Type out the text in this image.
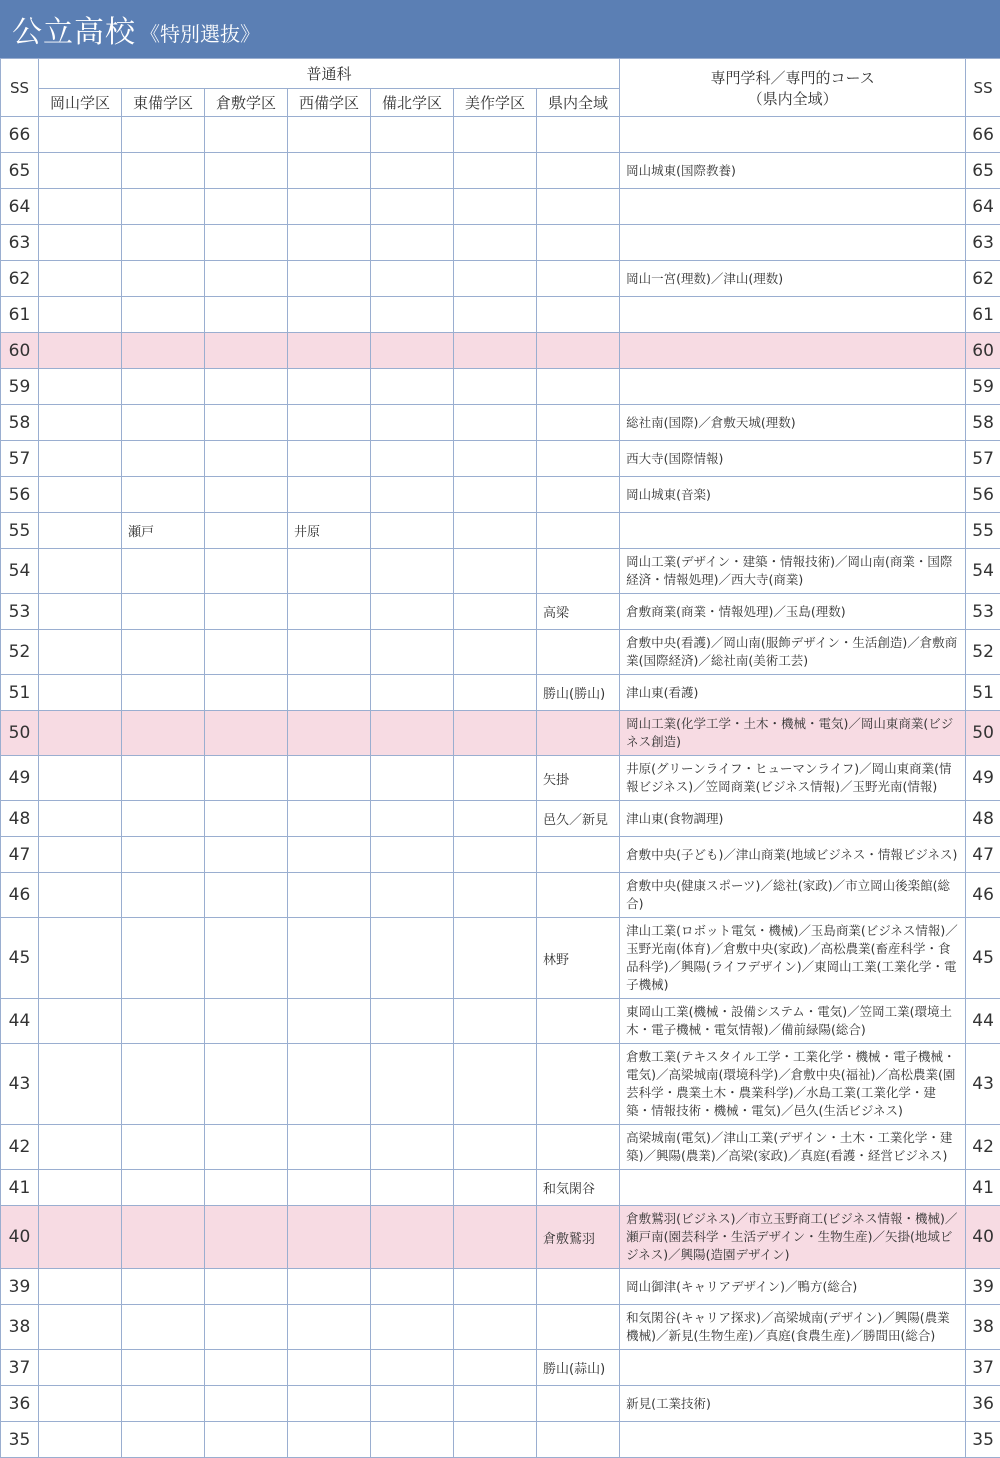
公立高校 《特別選抜》
SS	普通科							専門学科／専門的コース
（県内全域）	SS
	岡山学区	東備学区	倉敷学区	西備学区	備北学区	美作学区	県内全域		
66									66
65								岡山城東(国際教養)	65
64									64
63									63
62								岡山一宮(理数)／津山(理数)	62
61									61
60									60
59									59
58								総社南(国際)／倉敷天城(理数)	58
57								西大寺(国際情報)	57
56								岡山城東(音楽)	56
55		瀬戸		井原					55
54								岡山工業(デザイン・建築・情報技術)／岡山南(商業・国際経済・情報処理)／西大寺(商業)	54
53							高梁	倉敷商業(商業・情報処理)／玉島(理数)	53
52								倉敷中央(看護)／岡山南(服飾デザイン・生活創造)／倉敷商業(国際経済)／総社南(美術工芸)	52
51							勝山(勝山)	津山東(看護)	51
50								岡山工業(化学工学・土木・機械・電気)／岡山東商業(ビジネス創造)	50
49							矢掛	井原(グリーンライフ・ヒューマンライフ)／岡山東商業(情報ビジネス)／笠岡商業(ビジネス情報)／玉野光南(情報)	49
48							邑久／新見	津山東(食物調理)	48
47								倉敷中央(子ども)／津山商業(地域ビジネス・情報ビジネス)	47
46								倉敷中央(健康スポーツ)／総社(家政)／市立岡山後楽館(総合)	46
45							林野	津山工業(ロボット電気・機械)／玉島商業(ビジネス情報)／玉野光南(体育)／倉敷中央(家政)／高松農業(畜産科学・食品科学)／興陽(ライフデザイン)／東岡山工業(工業化学・電子機械)	45
44								東岡山工業(機械・設備システム・電気)／笠岡工業(環境土木・電子機械・電気情報)／備前緑陽(総合)	44
43								倉敷工業(テキスタイル工学・工業化学・機械・電子機械・電気)／高梁城南(環境科学)／倉敷中央(福祉)／高松農業(園芸科学・農業土木・農業科学)／水島工業(工業化学・建築・情報技術・機械・電気)／邑久(生活ビジネス)	43
42								高梁城南(電気)／津山工業(デザイン・土木・工業化学・建築)／興陽(農業)／高梁(家政)／真庭(看護・経営ビジネス)	42
41							和気閑谷		41
40							倉敷鷲羽	倉敷鷲羽(ビジネス)／市立玉野商工(ビジネス情報・機械)／瀬戸南(園芸科学・生活デザイン・生物生産)／矢掛(地域ビジネス)／興陽(造園デザイン)	40
39								岡山御津(キャリアデザイン)／鴨方(総合)	39
38								和気閑谷(キャリア探求)／高梁城南(デザイン)／興陽(農業機械)／新見(生物生産)／真庭(食農生産)／勝間田(総合)	38
37							勝山(蒜山)		37
36								新見(工業技術)	36
35									35
